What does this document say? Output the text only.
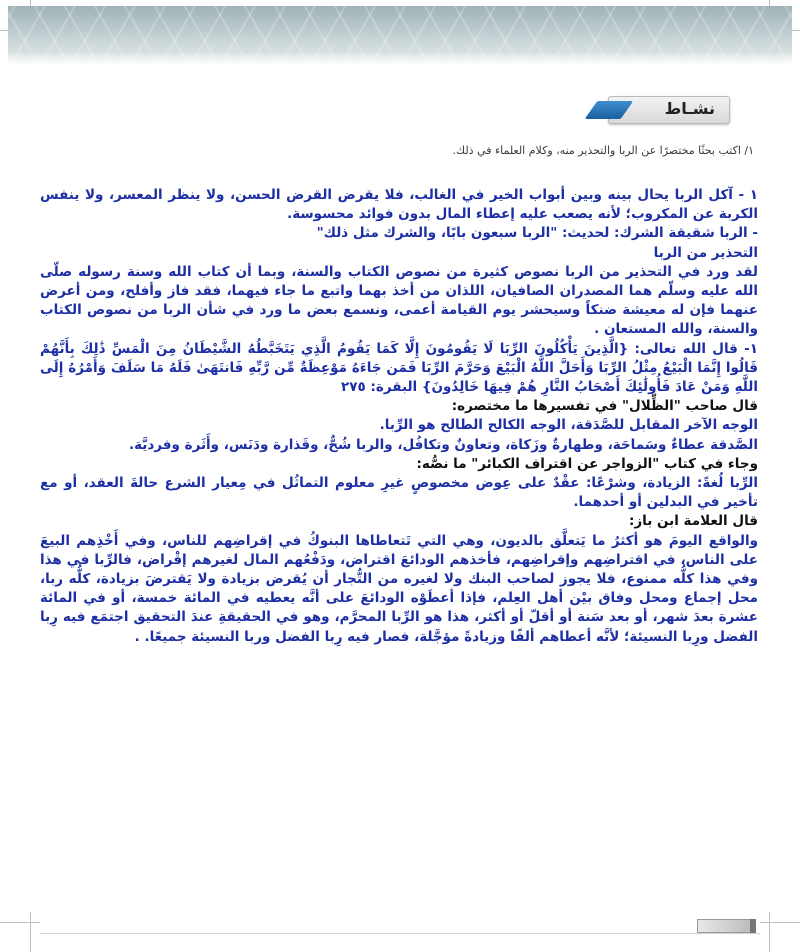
نشـاط
١/ اكتب بحثًا مختصرًا عن الربا والتحذير منه، وكلام العلماء في ذلك.

١ - آكل الربا يحال بينه وبين أبواب الخير في الغالب، فلا يقرض القرض الحسن، ولا ينظر المعسر، ولا ينفس الكربة عن المكروب؛ لأنه يصعب عليه إعطاء المال بدون فوائد محسوسة.

- الربا شقيقة الشرك: لحديث: "الربا سبعون بابًا، والشرك مثل ذلك"

التحذير من الربا

لقد ورد في التحذير من الربا نصوص كثيرة من نصوص الكتاب والسنة، وبما أن كتاب الله وسنة رسوله صلّى الله عليه وسلّم هما المصدران الصافيان، اللذان من أخذ بهما واتبع ما جاء فيهما، فقد فاز وأفلح، ومن أعرض عنهما فإن له معيشة ضنكاً وسيحشر يوم القيامة أعمى، ونسمع بعض ما ورد في شأن الربا من نصوص الكتاب والسنة، والله المستعان .

١- قال الله تعالى: {الَّذِينَ يَأْكُلُونَ الرِّبَا لَا يَقُومُونَ إِلَّا كَمَا يَقُومُ الَّذِي يَتَخَبَّطُهُ الشَّيْطَانُ مِنَ الْمَسِّ ذَٰلِكَ بِأَنَّهُمْ قَالُوا إِنَّمَا الْبَيْعُ مِثْلُ الرِّبَا وَأَحَلَّ اللَّهُ الْبَيْعَ وَحَرَّمَ الرِّبَا فَمَن جَاءَهُ مَوْعِظَةٌ مِّن رَّبِّهِ فَانتَهَىٰ فَلَهُ مَا سَلَفَ وَأَمْرُهُ إِلَى اللَّهِ وَمَنْ عَادَ فَأُولَٰئِكَ أَصْحَابُ النَّارِ هُمْ فِيهَا خَالِدُونَ} البقرة: ٢٧٥

قال صاحب "الظِّلال" في تفسيرها ما مختصره:

الوجه الآخر المقابل للصَّدَقة، الوجه الكالح الطالح هو الرِّبا.

الصَّدقة عطاءٌ وسَماحَة، وطهارةٌ وزَكاة، وتعاونٌ وتكافُل، والربا شُحٌّ، وقَذارة ودَنَس، وأَثَرة وفرديَّة.

وجاء في كتاب "الزواجر عن اقتراف الكبائر" ما نصُّه:

الرِّبا لُغةً: الزيادة، وشرْعًا: عقْدٌ على عِوض مخصوصٍ غيرِ معلوم التماثُل في مِعيار الشرع حالةَ العقد، أو مع تأخير في البدلين أو أحدهما.

قال العلامة ابن باز:

والواقع اليومَ هو أكثرُ ما يَتعلَّق بالديون، وهي التي تَتعاطاها البنوكُ في إقراضِهم للناس، وفي أَخْذِهم البيعَ على الناس، في اقتراضِهم وإقراضِهم، فأخذهم الودائعَ اقتراض، ودَفْعُهم المال لغيرهم إقْراض، فالرِّبا في هذا وفي هذا كلُّه ممنوع، فلا يجوز لصاحب البنك ولا لغيره من التُّجار أن يُقرض بزيادة ولا يَقترضَ بزيادة، كلُّه ربا، محل إجماع ومحل وفاق بيْن أهل العِلم، فإذا أعطَوْه الودائعَ على أنَّه يعطيه في المائة خمسة، أو في المائة عشرة بعدَ شهر، أو بعد سَنة أو أقلّ أو أكثر، هذا هو الرِّبا المحرَّم، وهو في الحقيقةِ عندَ التحقيق اجتمَع فيه رِبا الفضل ورِبا النسيئة؛ لأنَّه أعطاهم ألفًا وزيادةً مؤجَّلة، فصار فيه رِبا الفضل وربا النسيئة جميعًا. .
